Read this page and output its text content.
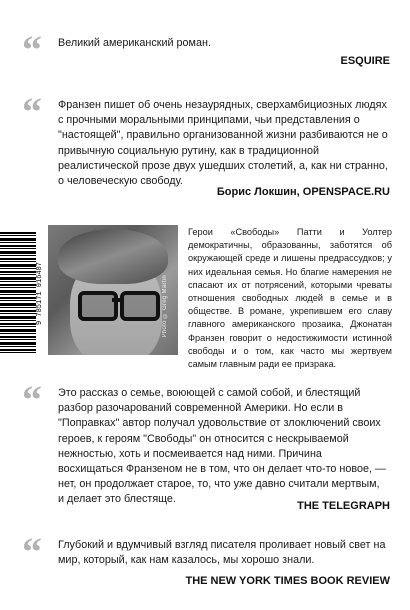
“ Великий американский роман.
ESQUIRE
“ Франзен пишет об очень незаурядных, сверхамбициозных людях с прочными моральными принципами, чьи представления о "настоящей", правильно организованной жизни разбиваются не о привычную социальную рутину, как в традиционной реалистической прозе двух ушедших столетий, а, как ни странно, о человеческую свободу.
Борис Локшин, OPENSPACE.RU
Photo © Greg Martin
9 785171 016487
Герои «Свободы» Патти и Уолтер демократичны, образованны, заботятся об окружающей среде и лишены предрассудков; у них идеальная семья. Но благие намерения не спасают их от потрясений, которыми чреваты отношения свободных людей в семье и в обществе. В романе, укрепившем его славу главного американского прозаика, Джонатан Франзен говорит о недостижимости истинной свободы и о том, как часто мы жертвуем самым главным ради ее призрака.
“ Это рассказ о семье, воюющей с самой собой, и блестящий разбор разочарований современной Америки. Но если в "Поправках" автор получал удовольствие от злоключений своих героев, к героям "Свободы" он относится с нескрываемой нежностью, хоть и посмеивается над ними. Причина восхищаться Франзеном не в том, что он делает что-то новое, — нет, он продолжает старое, то, что уже давно считали мертвым, и делает это блестяще.
THE TELEGRAPH
“ Глубокий и вдумчивый взгляд писателя проливает новый свет на мир, который, как нам казалось, мы хорошо знали.
THE NEW YORK TIMES BOOK REVIEW
